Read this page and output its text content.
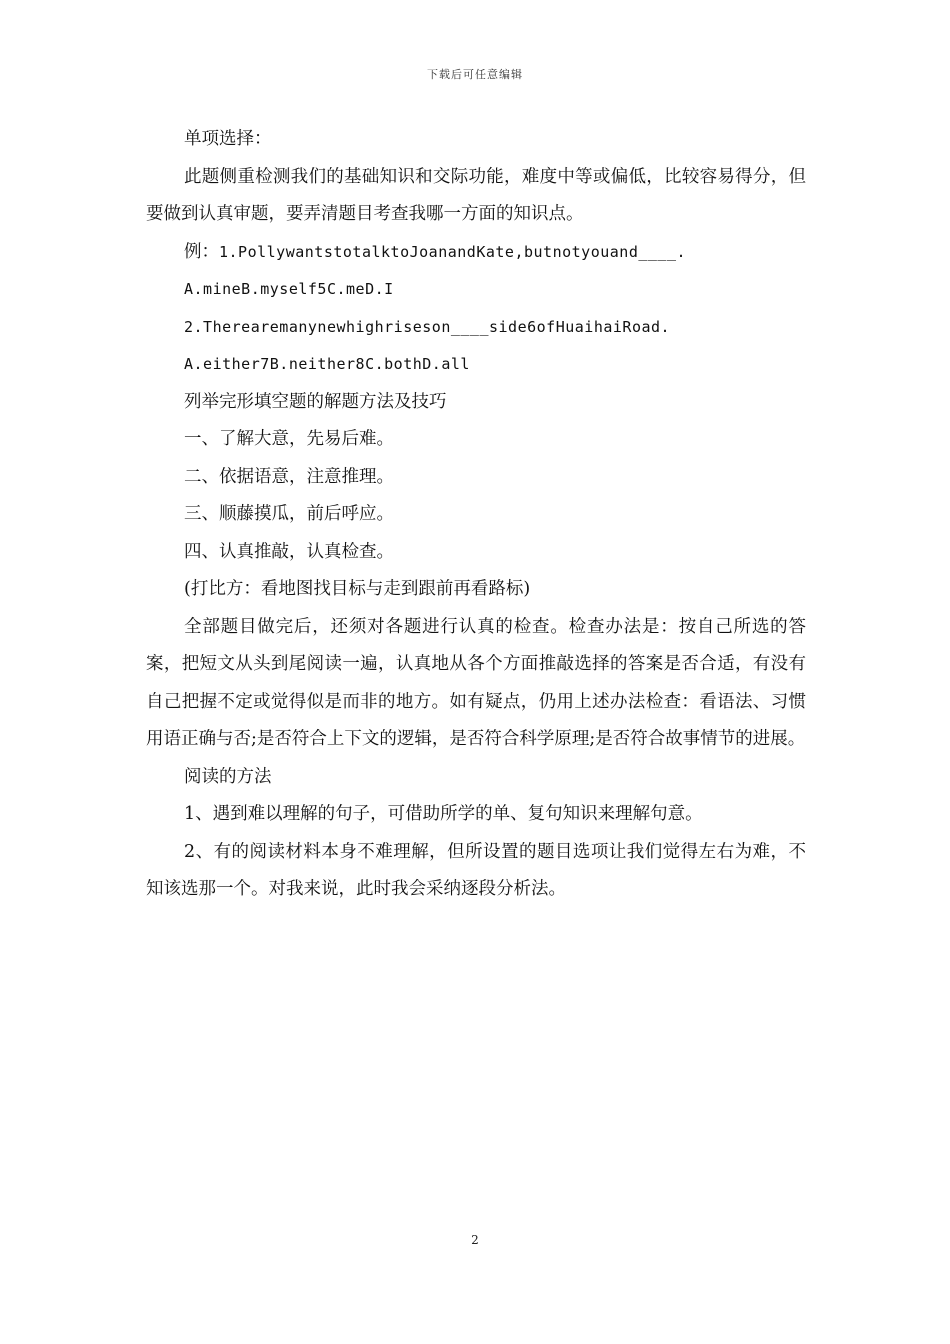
下载后可任意编辑

单项选择：

此题侧重检测我们的基础知识和交际功能，难度中等或偏低，比较容易得分，但要做到认真审题，要弄清题目考查我哪一方面的知识点。

例：1.PollywantstotalktoJoanandKate,butnotyouand____.

A.mineB.myself5C.meD.I

2.Therearemanynewhighriseson____side6ofHuaihaiRoad.

A.either7B.neither8C.bothD.all

列举完形填空题的解题方法及技巧

一、了解大意，先易后难。

二、依据语意，注意推理。

三、顺藤摸瓜，前后呼应。

四、认真推敲，认真检查。

(打比方：看地图找目标与走到跟前再看路标)

全部题目做完后，还须对各题进行认真的检查。检查办法是：按自己所选的答案，把短文从头到尾阅读一遍，认真地从各个方面推敲选择的答案是否合适，有没有自己把握不定或觉得似是而非的地方。如有疑点，仍用上述办法检查：看语法、习惯用语正确与否;是否符合上下文的逻辑，是否符合科学原理;是否符合故事情节的进展。

阅读的方法

1、遇到难以理解的句子，可借助所学的单、复句知识来理解句意。

2、有的阅读材料本身不难理解，但所设置的题目选项让我们觉得左右为难，不知该选那一个。对我来说，此时我会采纳逐段分析法。

2
